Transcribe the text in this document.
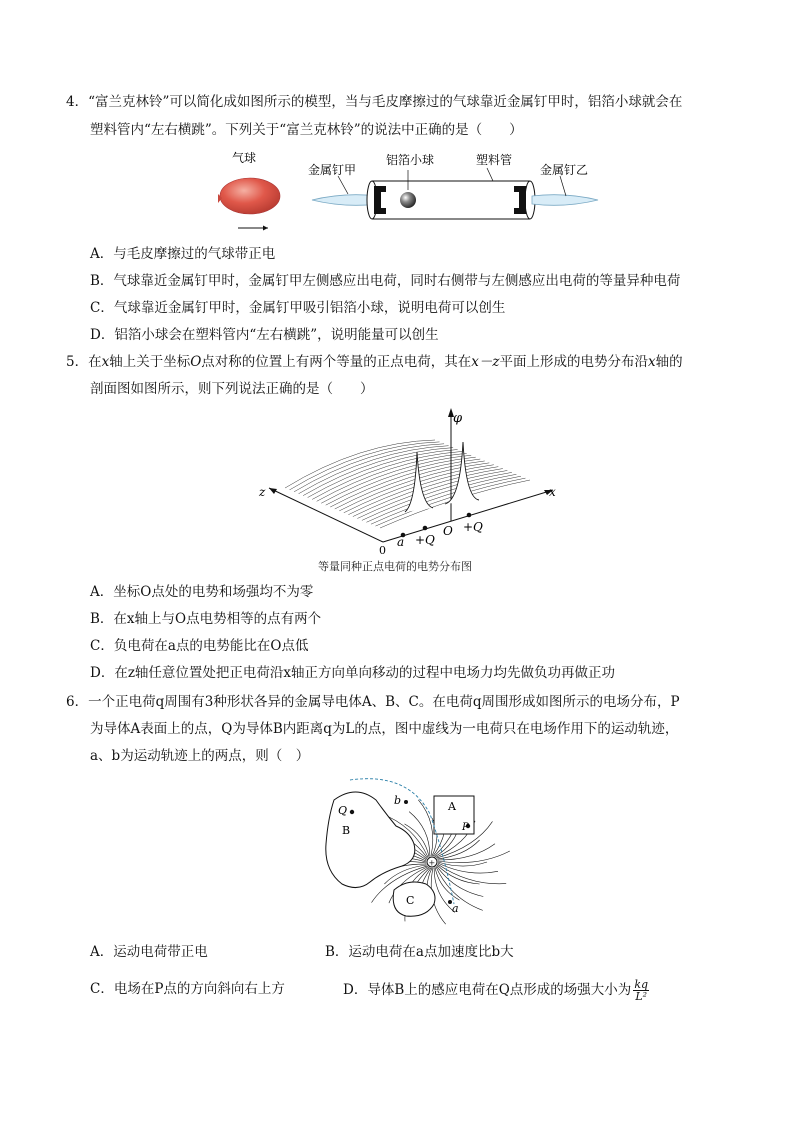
4．“富兰克林铃”可以简化成如图所示的模型，当与毛皮摩擦过的气球靠近金属钉甲时，铝箔小球就会在
塑料管内“左右横跳”。下列关于“富兰克林铃”的说法中正确的是（　　）
气球
金属钉甲
铝箔小球	塑料管
金属钉乙
A．与毛皮摩擦过的气球带正电
B．气球靠近金属钉甲时，金属钉甲左侧感应出电荷，同时右侧带与左侧感应出电荷的等量异种电荷
C．气球靠近金属钉甲时，金属钉甲吸引铝箔小球，说明电荷可以创生
D．铝箔小球会在塑料管内“左右横跳”，说明能量可以创生
5．在x轴上关于坐标O点对称的位置上有两个等量的正点电荷，其在x－z平面上形成的电势分布沿x轴的
剖面图如图所示，则下列说法正确的是（　　）
φ
z	x
0
a +Q
O +Q
等量同种正点电荷的电势分布图
A．坐标O点处的电势和场强均不为零
B．在x轴上与O点电势相等的点有两个
C．负电荷在a点的电势能比在O点低
D．在z轴任意位置处把正电荷沿x轴正方向单向移动的过程中电场力均先做负功再做正功
6．一个正电荷q周围有3种形状各异的金属导电体A、B、C。在电荷q周围形成如图所示的电场分布，P
为导体A表面上的点，Q为导体B内距离q为L的点，图中虚线为一电荷只在电场作用下的运动轨迹，
a、b为运动轨迹上的两点，则（　）
+
B
A
C
Q
P
a
b
A．运动电荷带正电	B．运动电荷在a点加速度比b大
C．电场在P点的方向斜向右上方	D．导体B上的感应电荷在Q点形成的场强大小为 $\frac{kq}{\text{L²}}$
